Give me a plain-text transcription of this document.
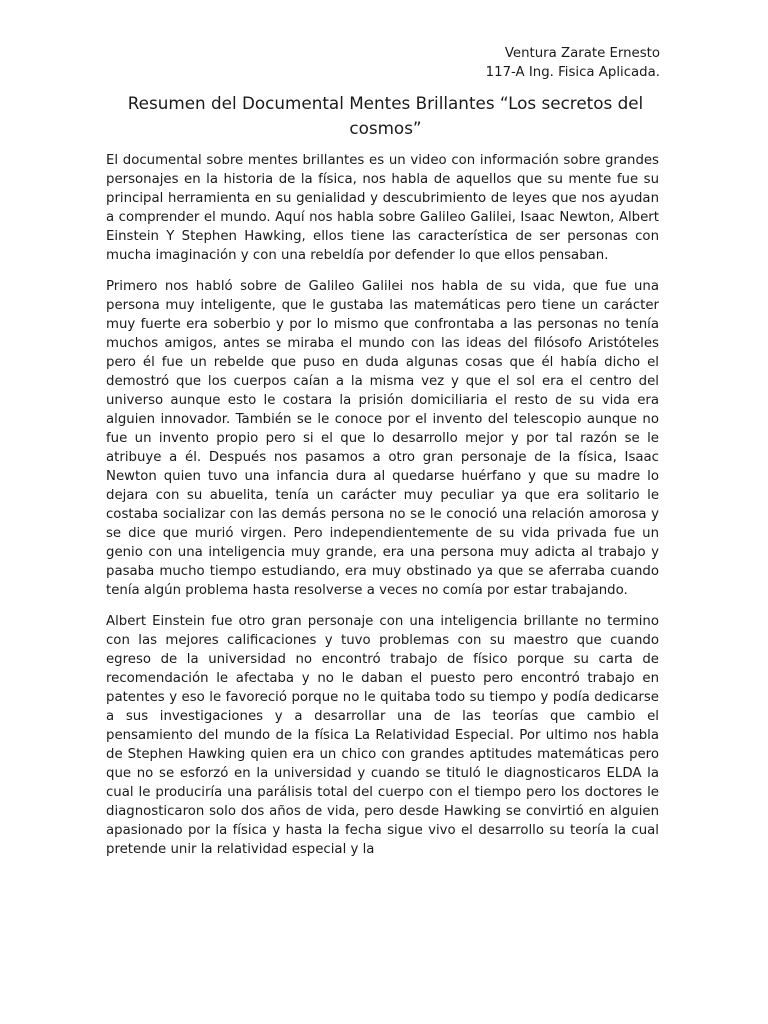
Ventura Zarate Ernesto
117-A Ing. Fisica Aplicada.
Resumen del Documental Mentes Brillantes “Los secretos del cosmos”

El documental sobre mentes brillantes es un video con información sobre grandes personajes en la historia de la física, nos habla de aquellos que su mente fue su principal herramienta en su genialidad y descubrimiento de leyes que nos ayudan a comprender el mundo. Aquí nos habla sobre Galileo Galilei, Isaac Newton, Albert Einstein Y Stephen Hawking, ellos tiene las característica de ser personas con mucha imaginación y con una rebeldía por defender lo que ellos pensaban.

Primero nos habló sobre de Galileo Galilei nos habla de su vida, que fue una persona muy inteligente, que le gustaba las matemáticas pero tiene un carácter muy fuerte era soberbio y por lo mismo que confrontaba a las personas no tenía muchos amigos, antes se miraba el mundo con las ideas del filósofo Aristóteles pero él fue un rebelde que puso en duda algunas cosas que él había dicho el demostró que los cuerpos caían a la misma vez y que el sol era el centro del universo aunque esto le costara la prisión domiciliaria el resto de su vida era alguien innovador. También se le conoce por el invento del telescopio aunque no fue un invento propio pero si el que lo desarrollo mejor y por tal razón se le atribuye a él. Después nos pasamos a otro gran personaje de la física, Isaac Newton quien tuvo una infancia dura al quedarse huérfano y que su madre lo dejara con su abuelita, tenía un carácter muy peculiar ya que era solitario le costaba socializar con las demás persona no se le conoció una relación amorosa y se dice que murió virgen. Pero independientemente de su vida privada fue un genio con una inteligencia muy grande, era una persona muy adicta al trabajo y pasaba mucho tiempo estudiando, era muy obstinado ya que se aferraba cuando tenía algún problema hasta resolverse a veces no comía por estar trabajando.

Albert Einstein fue otro gran personaje con una inteligencia brillante no termino con las mejores calificaciones y tuvo problemas con su maestro que cuando egreso de la universidad no encontró trabajo de físico porque su carta de recomendación le afectaba y no le daban el puesto pero encontró trabajo en patentes y eso le favoreció porque no le quitaba todo su tiempo y podía dedicarse a sus investigaciones y a desarrollar una de las teorías que cambio el pensamiento del mundo de la física La Relatividad Especial. Por ultimo nos habla de Stephen Hawking quien era un chico con grandes aptitudes matemáticas pero que no se esforzó en la universidad y cuando se tituló le diagnosticaros ELDA la cual le produciría una parálisis total del cuerpo con el tiempo pero los doctores le diagnosticaron solo dos años de vida, pero desde Hawking se convirtió en alguien apasionado por la física y hasta la fecha sigue vivo el desarrollo su teoría la cual pretende unir la relatividad especial y la
